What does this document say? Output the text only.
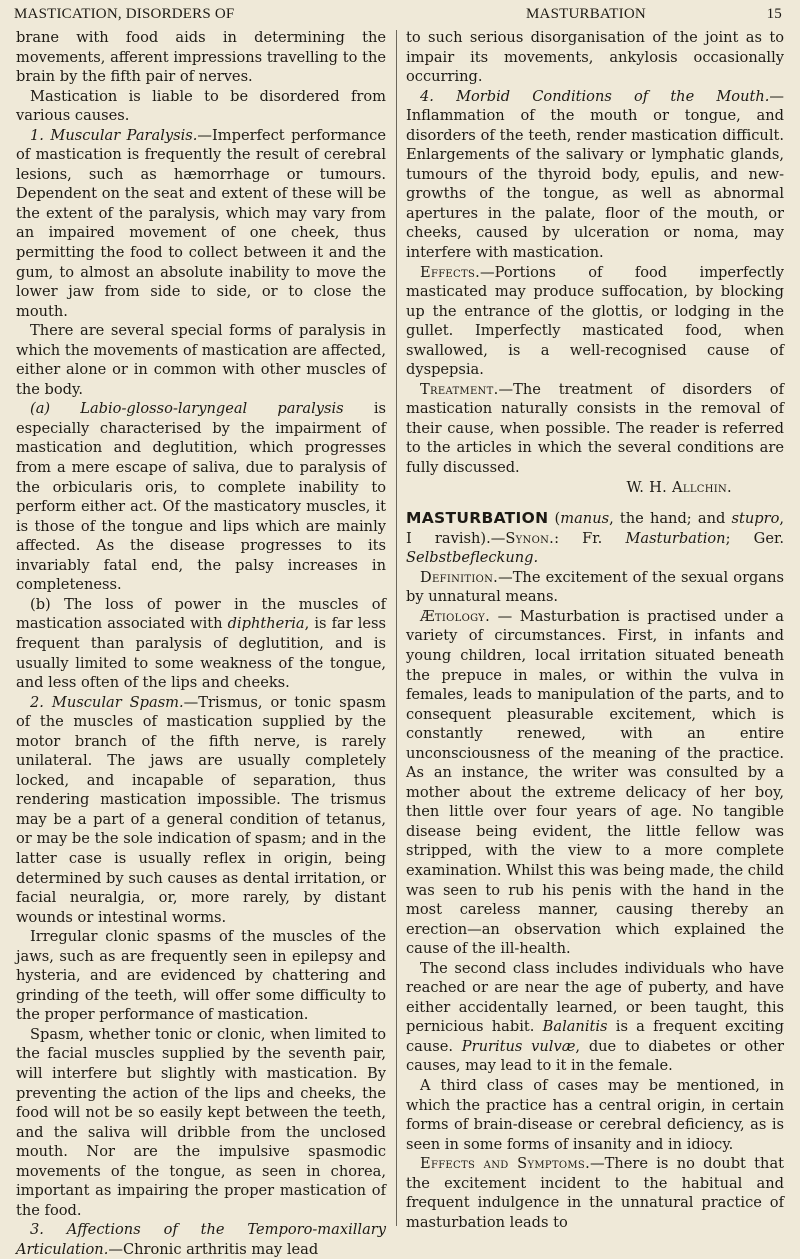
MASTICATION, DISORDERS OF	MASTURBATION	15

brane with food aids in determining the movements, afferent impressions travelling to the brain by the fifth pair of nerves.

Mastication is liable to be disordered from various causes.

1. Muscular Paralysis.—Imperfect performance of mastication is frequently the result of cerebral lesions, such as hæmorrhage or tumours. Dependent on the seat and extent of these will be the extent of the paralysis, which may vary from an impaired movement of one cheek, thus permitting the food to collect between it and the gum, to almost an absolute inability to move the lower jaw from side to side, or to close the mouth.

There are several special forms of paralysis in which the movements of mastication are affected, either alone or in common with other muscles of the body.

(a) Labio-glosso-laryngeal paralysis is especially characterised by the impairment of mastication and deglutition, which progresses from a mere escape of saliva, due to paralysis of the orbicularis oris, to complete inability to perform either act. Of the masticatory muscles, it is those of the tongue and lips which are mainly affected. As the disease progresses to its invariably fatal end, the palsy increases in completeness.

(b) The loss of power in the muscles of mastication associated with diphtheria, is far less frequent than paralysis of deglutition, and is usually limited to some weakness of the tongue, and less often of the lips and cheeks.

2. Muscular Spasm.—Trismus, or tonic spasm of the muscles of mastication supplied by the motor branch of the fifth nerve, is rarely unilateral. The jaws are usually completely locked, and incapable of separation, thus rendering mastication impossible. The trismus may be a part of a general condition of tetanus, or may be the sole indication of spasm; and in the latter case is usually reflex in origin, being determined by such causes as dental irritation, or facial neuralgia, or, more rarely, by distant wounds or intestinal worms.

Irregular clonic spasms of the muscles of the jaws, such as are frequently seen in epilepsy and hysteria, and are evidenced by chattering and grinding of the teeth, will offer some difficulty to the proper performance of mastication.

Spasm, whether tonic or clonic, when limited to the facial muscles supplied by the seventh pair, will interfere but slightly with mastication. By preventing the action of the lips and cheeks, the food will not be so easily kept between the teeth, and the saliva will dribble from the unclosed mouth. Nor are the impulsive spasmodic movements of the tongue, as seen in chorea, important as impairing the proper mastication of the food.

3. Affections of the Temporo-maxillary Articulation.—Chronic arthritis may lead

to such serious disorganisation of the joint as to impair its movements, ankylosis occasionally occurring.

4. Morbid Conditions of the Mouth.—Inflammation of the mouth or tongue, and disorders of the teeth, render mastication difficult. Enlargements of the salivary or lymphatic glands, tumours of the thyroid body, epulis, and new-growths of the tongue, as well as abnormal apertures in the palate, floor of the mouth, or cheeks, caused by ulceration or noma, may interfere with mastication.

Effects.—Portions of food imperfectly masticated may produce suffocation, by blocking up the entrance of the glottis, or lodging in the gullet. Imperfectly masticated food, when swallowed, is a well-recognised cause of dyspepsia.

Treatment.—The treatment of disorders of mastication naturally consists in the removal of their cause, when possible. The reader is referred to the articles in which the several conditions are fully discussed.

W. H. Allchin.

MASTURBATION (manus, the hand; and stupro, I ravish).—Synon.: Fr. Masturbation; Ger. Selbstbefleckung.

Definition.—The excitement of the sexual organs by unnatural means.

Ætiology. — Masturbation is practised under a variety of circumstances. First, in infants and young children, local irritation situated beneath the prepuce in males, or within the vulva in females, leads to manipulation of the parts, and to consequent pleasurable excitement, which is constantly renewed, with an entire unconsciousness of the meaning of the practice. As an instance, the writer was consulted by a mother about the extreme delicacy of her boy, then little over four years of age. No tangible disease being evident, the little fellow was stripped, with the view to a more complete examination. Whilst this was being made, the child was seen to rub his penis with the hand in the most careless manner, causing thereby an erection—an observation which explained the cause of the ill-health.

The second class includes individuals who have reached or are near the age of puberty, and have either accidentally learned, or been taught, this pernicious habit. Balanitis is a frequent exciting cause. Pruritus vulvæ, due to diabetes or other causes, may lead to it in the female.

A third class of cases may be mentioned, in which the practice has a central origin, in certain forms of brain-disease or cerebral deficiency, as is seen in some forms of insanity and in idiocy.

Effects and Symptoms.—There is no doubt that the excitement incident to the habitual and frequent indulgence in the unnatural practice of masturbation leads to
